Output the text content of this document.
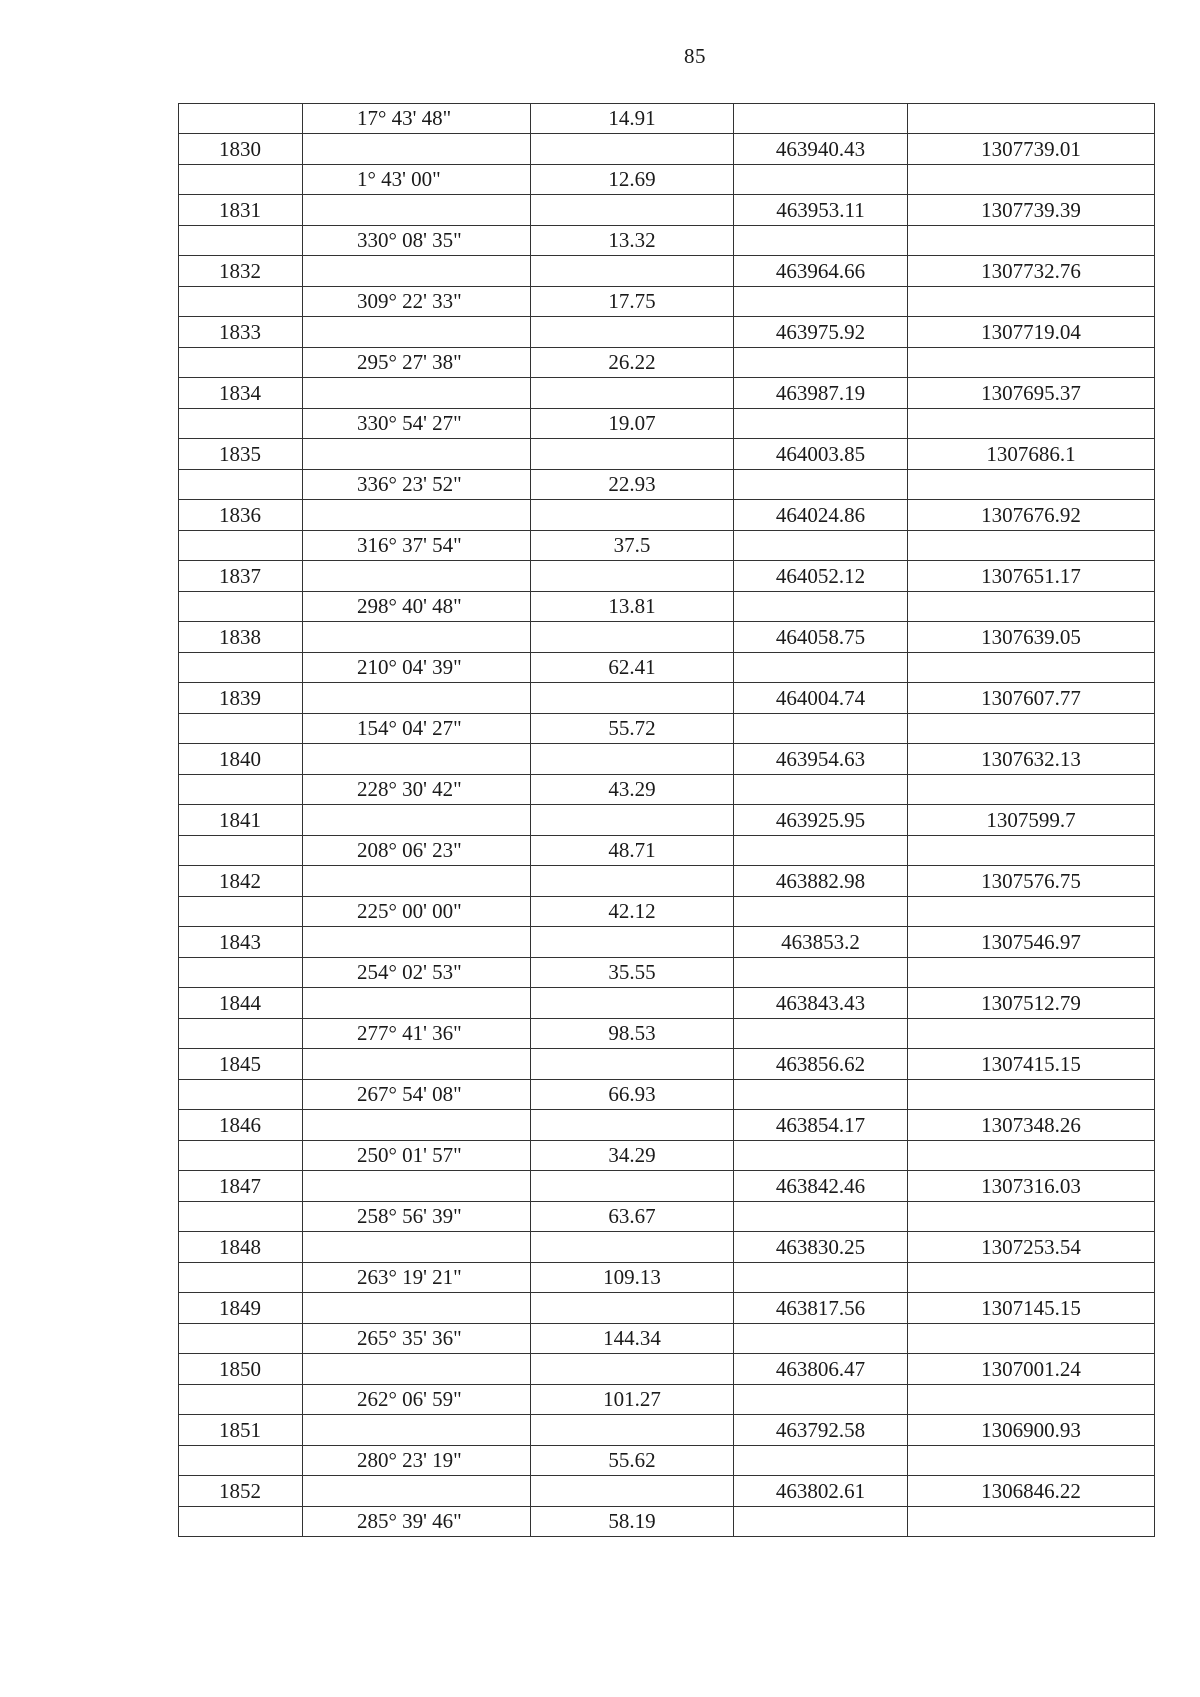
85
	17° 43' 48"	14.91		
1830			463940.43	1307739.01
	1° 43' 00"	12.69		
1831			463953.11	1307739.39
	330° 08' 35"	13.32		
1832			463964.66	1307732.76
	309° 22' 33"	17.75		
1833			463975.92	1307719.04
	295° 27' 38"	26.22		
1834			463987.19	1307695.37
	330° 54' 27"	19.07		
1835			464003.85	1307686.1
	336° 23' 52"	22.93		
1836			464024.86	1307676.92
	316° 37' 54"	37.5		
1837			464052.12	1307651.17
	298° 40' 48"	13.81		
1838			464058.75	1307639.05
	210° 04' 39"	62.41		
1839			464004.74	1307607.77
	154° 04' 27"	55.72		
1840			463954.63	1307632.13
	228° 30' 42"	43.29		
1841			463925.95	1307599.7
	208° 06' 23"	48.71		
1842			463882.98	1307576.75
	225° 00' 00"	42.12		
1843			463853.2	1307546.97
	254° 02' 53"	35.55		
1844			463843.43	1307512.79
	277° 41' 36"	98.53		
1845			463856.62	1307415.15
	267° 54' 08"	66.93		
1846			463854.17	1307348.26
	250° 01' 57"	34.29		
1847			463842.46	1307316.03
	258° 56' 39"	63.67		
1848			463830.25	1307253.54
	263° 19' 21"	109.13		
1849			463817.56	1307145.15
	265° 35' 36"	144.34		
1850			463806.47	1307001.24
	262° 06' 59"	101.27		
1851			463792.58	1306900.93
	280° 23' 19"	55.62		
1852			463802.61	1306846.22
	285° 39' 46"	58.19		
